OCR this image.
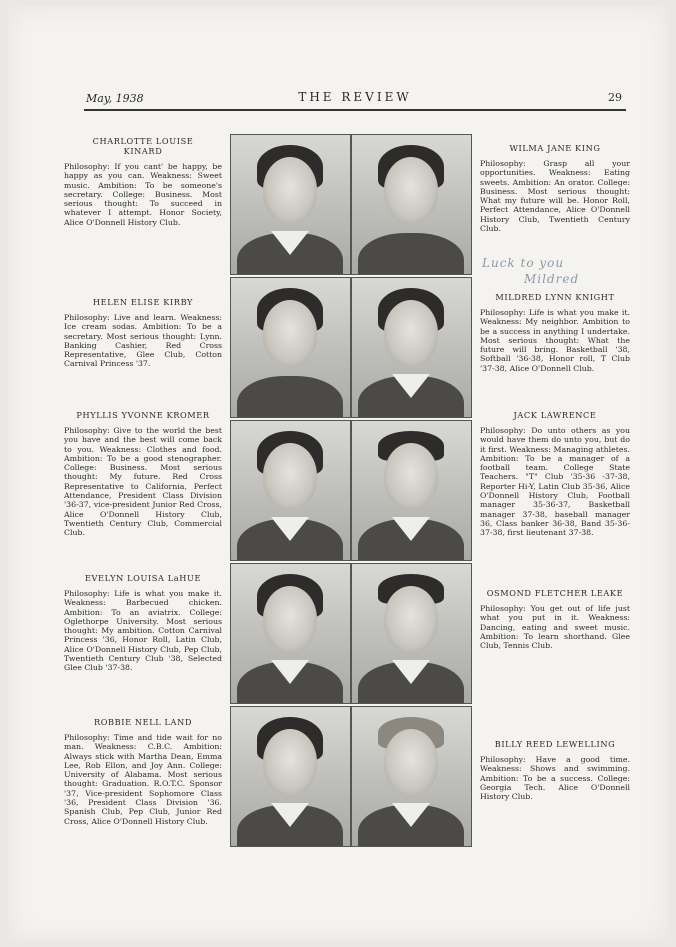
May, 1938	THE REVIEW	29
CHARLOTTE LOUISE KINARD
Philosophy: If you cant' be happy, be happy as you can. Weakness: Sweet music. Ambition: To be someone's secretary. College: Business. Most serious thought: To succeed in whatever I attempt. Honor Society, Alice O'Donnell History Club.
HELEN ELISE KIRBY
Philosophy: Live and learn. Weakness: Ice cream sodas. Ambition: To be a secretary. Most serious thought: Lynn. Banking Cashier, Red Cross Representative, Glee Club, Cotton Carnival Princess '37.
PHYLLIS YVONNE KROMER
Philosophy: Give to the world the best you have and the best will come back to you. Weakness: Clothes and food. Ambition: To be a good stenographer. College: Business. Most serious thought: My future. Red Cross Representative to California, Perfect Attendance, President Class Division '36-37, vice-president Junior Red Cross, Alice O'Donnell History Club, Twentieth Century Club, Commercial Club.
EVELYN LOUISA LaHUE
Philosophy: Life is what you make it. Weakness: Barbecued chicken. Ambition: To an aviatrix. College: Oglethorpe University. Most serious thought: My ambition. Cotton Carnival Princess '36, Honor Roll, Latin Club, Alice O'Donnell History Club, Pep Club, Twentieth Century Club '38, Selected Glee Club '37-38.
ROBBIE NELL LAND
Philosophy: Time and tide wait for no man. Weakness: C.B.C. Ambition: Always stick with Martha Dean, Emma Lee, Rob Ellon, and Joy Ann. College: University of Alabama. Most serious thought: Graduation. R.O.T.C. Sponsor '37, Vice-president Sophomore Class '36, President Class Division '36. Spanish Club, Pep Club, Junior Red Cross, Alice O'Donnell History Club.
Luck to you
Mildred
WILMA JANE KING
Philosophy: Grasp all your opportunities. Weakness: Eating sweets. Ambition: An orator. College: Business. Most serious thought: What my future will be. Honor Roll, Perfect Attendance, Alice O'Donnell History Club, Twentieth Century Club.
MILDRED LYNN KNIGHT
Philosophy: Life is what you make it. Weakness: My neighbor. Ambition to be a success in anything I undertake. Most serious thought: What the future will bring. Basketball '38, Softball '36-38, Honor roll, T Club '37-38, Alice O'Donnell Club.
JACK LAWRENCE
Philosophy: Do unto others as you would have them do unto you, but do it first. Weakness: Managing athletes. Ambition: To be a manager of a football team. College State Teachers. "T" Club '35-36 -37-38, Reporter Hi-Y, Latin Club 35-36, Alice O'Donnell History Club, Football manager 35-36-37, Basketball manager 37-38, baseball manager 36, Class banker 36-38, Band 35-36-37-38, first lieutenant 37-38.
OSMOND FLETCHER LEAKE
Philosophy: You get out of life just what you put in it. Weakness: Dancing, eating and sweet music. Ambition: To learn shorthand. Glee Club, Tennis Club.
BILLY REED LEWELLING
Philosophy: Have a good time. Weakness: Shows and swimming. Ambition: To be a success. College: Georgia Tech. Alice O'Donnell History Club.
